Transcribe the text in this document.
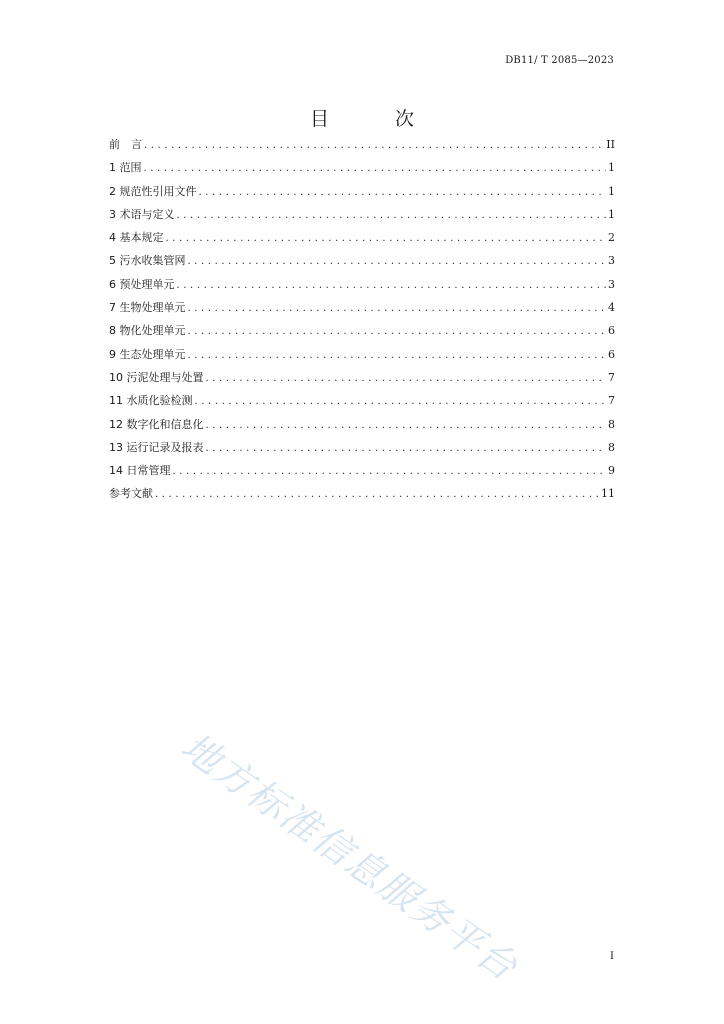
DB11/ T 2085—2023
目 次
前　言 .....	II
1 范围 .....	1
2 规范性引用文件 .....	1
3 术语与定义 .....	1
4 基本规定 .....	2
5 污水收集管网 .....	3
6 预处理单元 .....	3
7 生物处理单元 .....	4
8 物化处理单元 .....	6
9 生态处理单元 .....	6
10 污泥处理与处置 .....	7
11 水质化验检测 .....	7
12 数字化和信息化 .....	8
13 运行记录及报表 .....	8
14 日常管理 .....	9
参考文献 .....	11
地方标准信息服务平台	I
